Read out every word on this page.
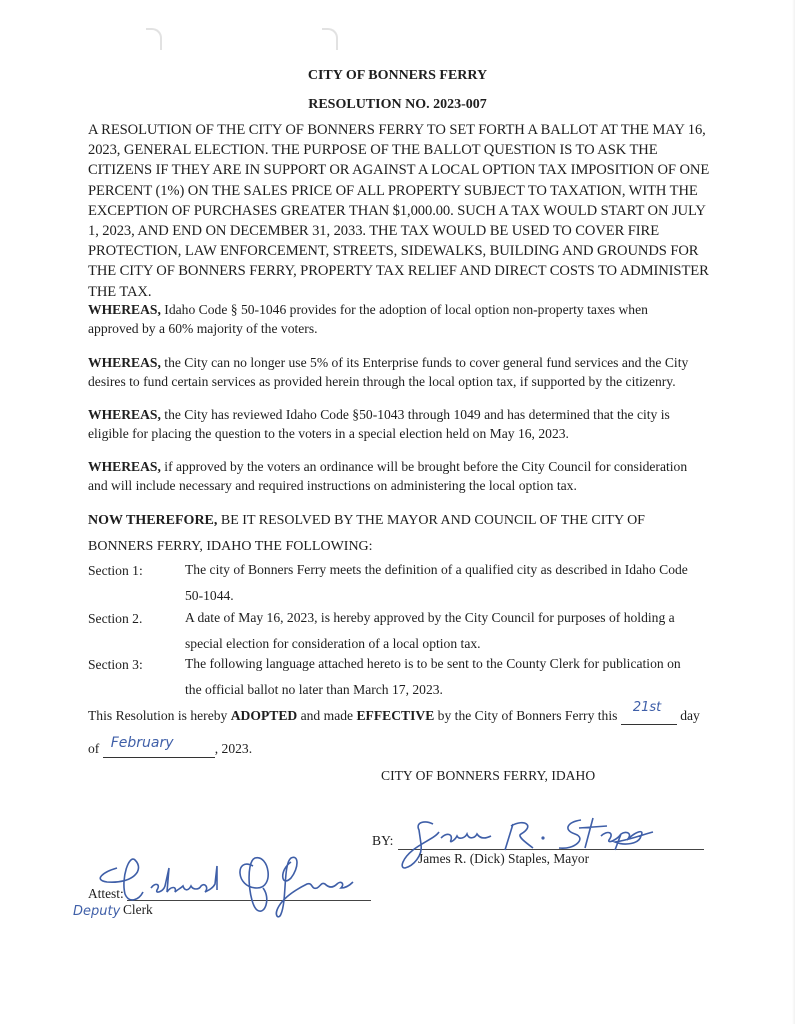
CITY OF BONNERS FERRY
RESOLUTION NO. 2023-007
A RESOLUTION OF THE CITY OF BONNERS FERRY TO SET FORTH A BALLOT AT THE MAY 16,
2023, GENERAL ELECTION. THE PURPOSE OF THE BALLOT QUESTION IS TO ASK THE
CITIZENS IF THEY ARE IN SUPPORT OR AGAINST A LOCAL OPTION TAX IMPOSITION OF ONE
PERCENT (1%) ON THE SALES PRICE OF ALL PROPERTY SUBJECT TO TAXATION, WITH THE
EXCEPTION OF PURCHASES GREATER THAN $1,000.00. SUCH A TAX WOULD START ON JULY
1, 2023, AND END ON DECEMBER 31, 2033. THE TAX WOULD BE USED TO COVER FIRE
PROTECTION, LAW ENFORCEMENT, STREETS, SIDEWALKS, BUILDING AND GROUNDS FOR
THE CITY OF BONNERS FERRY, PROPERTY TAX RELIEF AND DIRECT COSTS TO ADMINISTER
THE TAX.
WHEREAS, Idaho Code § 50-1046 provides for the adoption of local option non-property taxes when
approved by a 60% majority of the voters.
WHEREAS, the City can no longer use 5% of its Enterprise funds to cover general fund services and the City
desires to fund certain services as provided herein through the local option tax, if supported by the citizenry.
WHEREAS, the City has reviewed Idaho Code §50-1043 through 1049 and has determined that the city is
eligible for placing the question to the voters in a special election held on May 16, 2023.
WHEREAS, if approved by the voters an ordinance will be brought before the City Council for consideration
and will include necessary and required instructions on administering the local option tax.
NOW THEREFORE, BE IT RESOLVED BY THE MAYOR AND COUNCIL OF THE CITY OF
BONNERS FERRY, IDAHO THE FOLLOWING:
Section 1:	The city of Bonners Ferry meets the definition of a qualified city as described in Idaho Code
50-1044.
Section 2.	A date of May 16, 2023, is hereby approved by the City Council for purposes of holding a
special election for consideration of a local option tax.
Section 3:	The following language attached hereto is to be sent to the County Clerk for publication on
the official ballot no later than March 17, 2023.
This Resolution is hereby ADOPTED and made EFFECTIVE by the City of Bonners Ferry this
21st
day
of February	, 2023.
CITY OF BONNERS FERRY, IDAHO
BY:
James R. (Dick) Staples, Mayor
Attest:
Deputy Clerk
